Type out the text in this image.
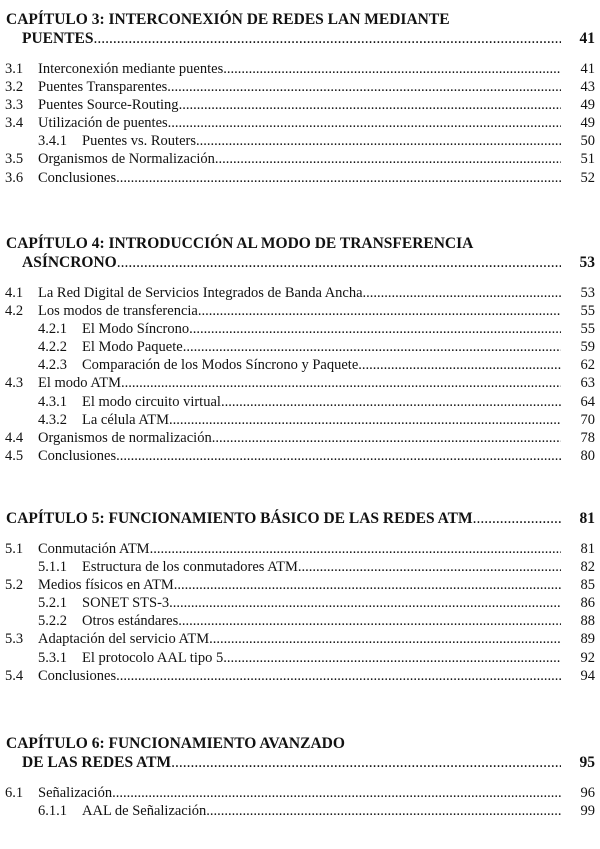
CAPÍTULO 3: INTERCONEXIÓN DE REDES LAN MEDIANTE
PUENTES .....	41
3.1	Interconexión mediante puentes .....	41
3.2	Puentes Transparentes .....	43
3.3	Puentes Source-Routing .....	49
3.4	Utilización de puentes .....	49
3.4.1	Puentes vs. Routers .....	50
3.5	Organismos de Normalización .....	51
3.6	Conclusiones .....	52
CAPÍTULO 4: INTRODUCCIÓN AL MODO DE TRANSFERENCIA
ASÍNCRONO .....	53
4.1	La Red Digital de Servicios Integrados de Banda Ancha .....	53
4.2	Los modos de transferencia .....	55
4.2.1	El Modo Síncrono .....	55
4.2.2	El Modo Paquete .....	59
4.2.3	Comparación de los Modos Síncrono y Paquete .....	62
4.3	El modo ATM .....	63
4.3.1	El modo circuito virtual .....	64
4.3.2	La célula ATM .....	70
4.4	Organismos de normalización .....	78
4.5	Conclusiones .....	80
CAPÍTULO 5: FUNCIONAMIENTO BÁSICO DE LAS REDES ATM .....	81
5.1	Conmutación ATM .....	81
5.1.1	Estructura de los conmutadores ATM .....	82
5.2	Medios físicos en ATM .....	85
5.2.1	SONET STS-3 .....	86
5.2.2	Otros estándares .....	88
5.3	Adaptación del servicio ATM .....	89
5.3.1	El protocolo AAL tipo 5 .....	92
5.4	Conclusiones .....	94
CAPÍTULO 6: FUNCIONAMIENTO AVANZADO
DE LAS REDES ATM .....	95
6.1	Señalización .....	96
6.1.1	AAL de Señalización .....	99
